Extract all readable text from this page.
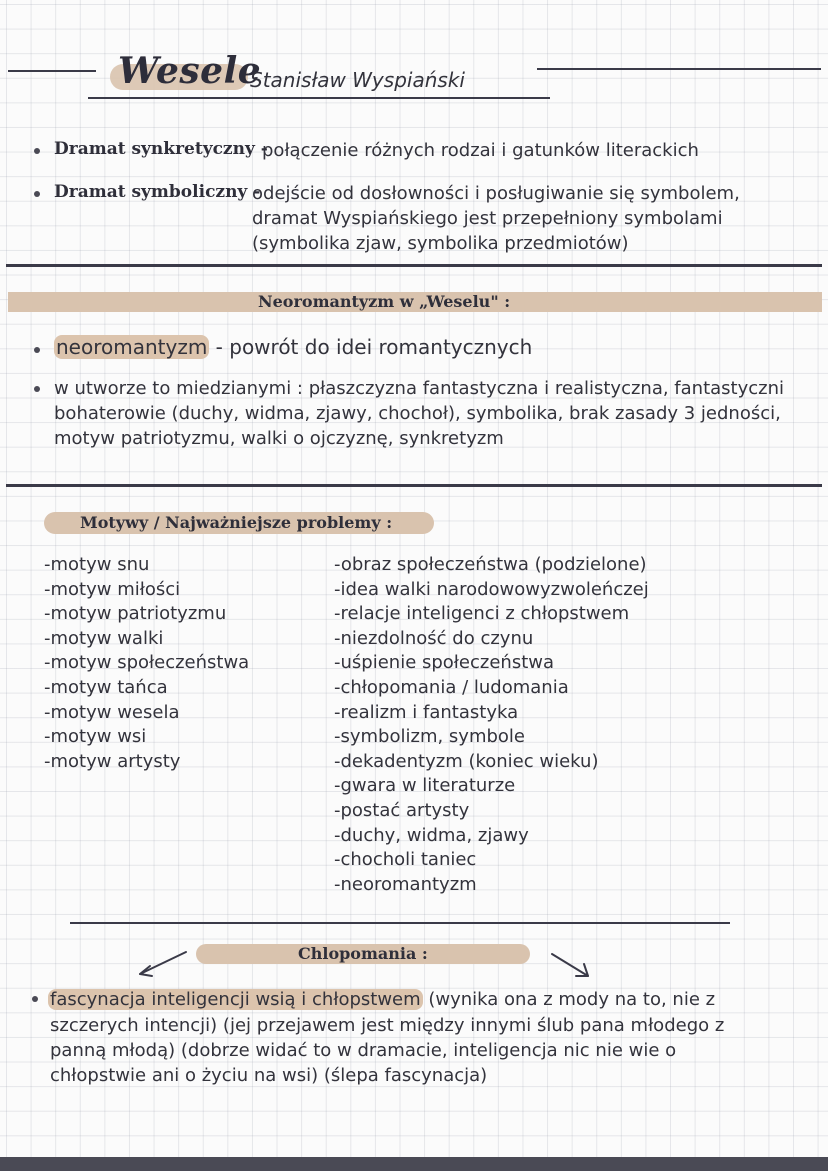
Wesele
Stanisław Wyspiański
Dramat synkretyczny -
połączenie różnych rodzai i gatunków literackich
Dramat symboliczny -
odejście od dosłowności i posługiwanie się symbolem,
dramat Wyspiańskiego jest przepełniony symbolami
(symbolika zjaw, symbolika przedmiotów)
Neoromantyzm w „Weselu" :
neoromantyzm - powrót do idei romantycznych
w utworze to miedzianymi : płaszczyzna fantastyczna i realistyczna, fantastyczni
bohaterowie (duchy, widma, zjawy, chochoł), symbolika, brak zasady 3 jedności,
motyw patriotyzmu, walki o ojczyznę, synkretyzm
Motywy / Najważniejsze problemy :
-motyw snu
-motyw miłości
-motyw patriotyzmu
-motyw walki
-motyw społeczeństwa
-motyw tańca
-motyw wesela
-motyw wsi
-motyw artysty
-obraz społeczeństwa (podzielone)
-idea walki narodowowyzwoleńczej
-relacje inteligenci z chłopstwem
-niezdolność do czynu
-uśpienie społeczeństwa
-chłopomania / ludomania
-realizm i fantastyka
-symbolizm, symbole
-dekadentyzm (koniec wieku)
-gwara w literaturze
-postać artysty
-duchy, widma, zjawy
-chocholi taniec
-neoromantyzm
Chlopomania :
fascynacja inteligencji wsią i chłopstwem (wynika ona z mody na to, nie z
szczerych intencji) (jej przejawem jest między innymi ślub pana młodego z
panną młodą) (dobrze widać to w dramacie, inteligencja nic nie wie o
chłopstwie ani o życiu na wsi) (ślepa fascynacja)
